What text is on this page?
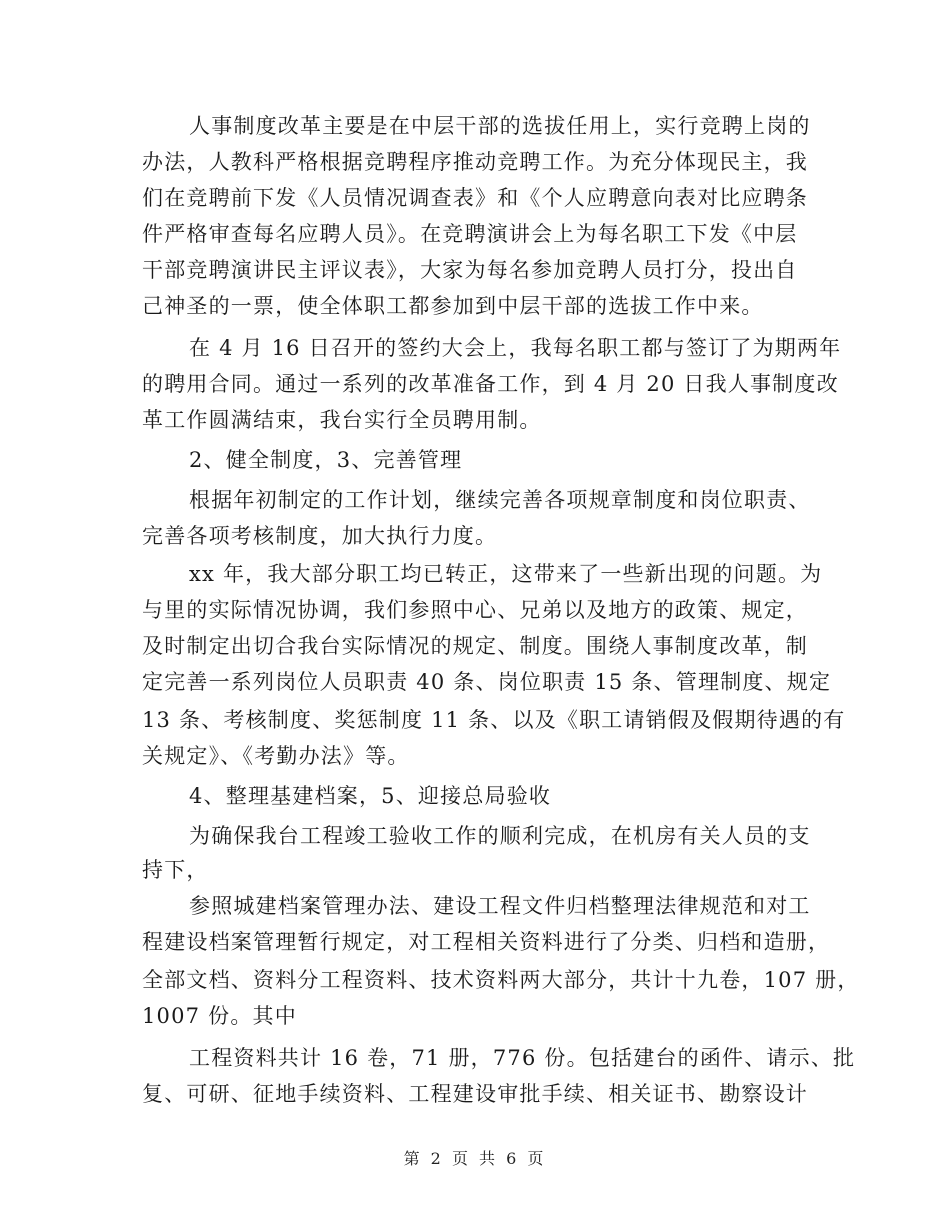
人事制度改革主要是在中层干部的选拔任用上，实行竞聘上岗的
办法，人教科严格根据竞聘程序推动竞聘工作。为充分体现民主，我
们在竞聘前下发《人员情况调查表》和《个人应聘意向表对比应聘条
件严格审查每名应聘人员》。在竞聘演讲会上为每名职工下发《中层
干部竞聘演讲民主评议表》，大家为每名参加竞聘人员打分，投出自
己神圣的一票，使全体职工都参加到中层干部的选拔工作中来。
在 4 月 16 日召开的签约大会上，我每名职工都与签订了为期两年
的聘用合同。通过一系列的改革准备工作，到 4 月 20 日我人事制度改
革工作圆满结束，我台实行全员聘用制。
2、健全制度，3、完善管理
根据年初制定的工作计划，继续完善各项规章制度和岗位职责、
完善各项考核制度，加大执行力度。
xx 年，我大部分职工均已转正，这带来了一些新出现的问题。为
与里的实际情况协调，我们参照中心、兄弟以及地方的政策、规定，
及时制定出切合我台实际情况的规定、制度。围绕人事制度改革，制
定完善一系列岗位人员职责 40 条、岗位职责 15 条、管理制度、规定
13 条、考核制度、奖惩制度 11 条、以及《职工请销假及假期待遇的有
关规定》、《考勤办法》等。
4、整理基建档案，5、迎接总局验收
为确保我台工程竣工验收工作的顺利完成，在机房有关人员的支
持下，
参照城建档案管理办法、建设工程文件归档整理法律规范和对工
程建设档案管理暂行规定，对工程相关资料进行了分类、归档和造册，
全部文档、资料分工程资料、技术资料两大部分，共计十九卷，107 册，
1007 份。其中
工程资料共计 16 卷，71 册，776 份。包括建台的函件、请示、批
复、可研、征地手续资料、工程建设审批手续、相关证书、勘察设计
第 2 页 共 6 页
